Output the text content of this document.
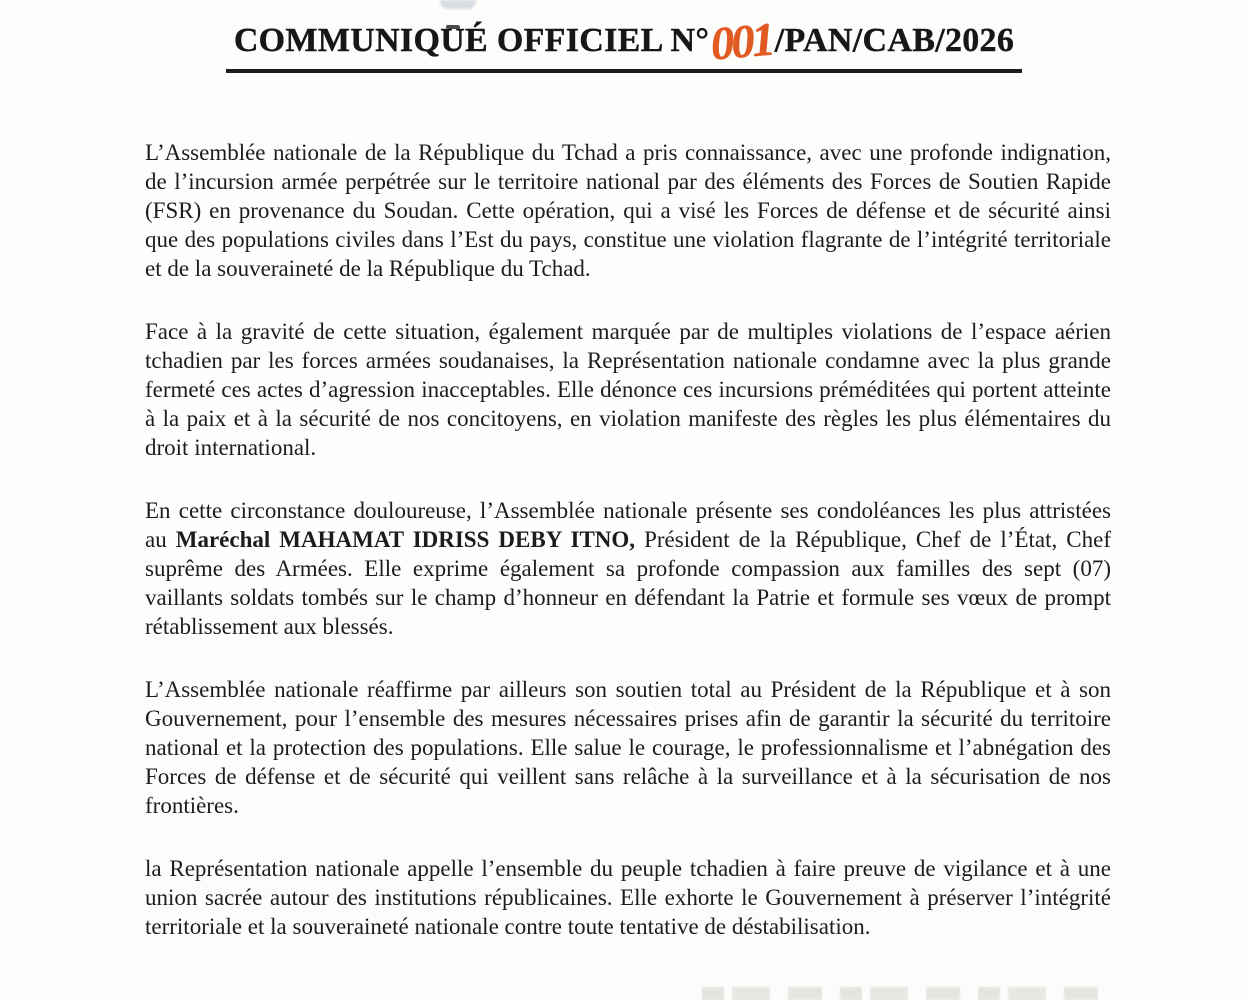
COMMUNIQUÉ OFFICIEL N°001/PAN/CAB/2026

L’Assemblée nationale de la République du Tchad a pris connaissance, avec une profonde indignation, de l’incursion armée perpétrée sur le territoire national par des éléments des Forces de Soutien Rapide (FSR) en provenance du Soudan. Cette opération, qui a visé les Forces de défense et de sécurité ainsi que des populations civiles dans l’Est du pays, constitue une violation flagrante de l’intégrité territoriale et de la souveraineté de la République du Tchad.

Face à la gravité de cette situation, également marquée par de multiples violations de l’espace aérien tchadien par les forces armées soudanaises, la Représentation nationale condamne avec la plus grande fermeté ces actes d’agression inacceptables. Elle dénonce ces incursions préméditées qui portent atteinte à la paix et à la sécurité de nos concitoyens, en violation manifeste des règles les plus élémentaires du droit international.

En cette circonstance douloureuse, l’Assemblée nationale présente ses condoléances les plus attristées au Maréchal MAHAMAT IDRISS DEBY ITNO, Président de la République, Chef de l’État, Chef suprême des Armées. Elle exprime également sa profonde compassion aux familles des sept (07) vaillants soldats tombés sur le champ d’honneur en défendant la Patrie et formule ses vœux de prompt rétablissement aux blessés.

L’Assemblée nationale réaffirme par ailleurs son soutien total au Président de la République et à son Gouvernement, pour l’ensemble des mesures nécessaires prises afin de garantir la sécurité du territoire national et la protection des populations. Elle salue le courage, le professionnalisme et l’abnégation des Forces de défense et de sécurité qui veillent sans relâche à la surveillance et à la sécurisation de nos frontières.

la Représentation nationale appelle l’ensemble du peuple tchadien à faire preuve de vigilance et à une union sacrée autour des institutions républicaines. Elle exhorte le Gouvernement à préserver l’intégrité territoriale et la souveraineté nationale contre toute tentative de déstabilisation.
